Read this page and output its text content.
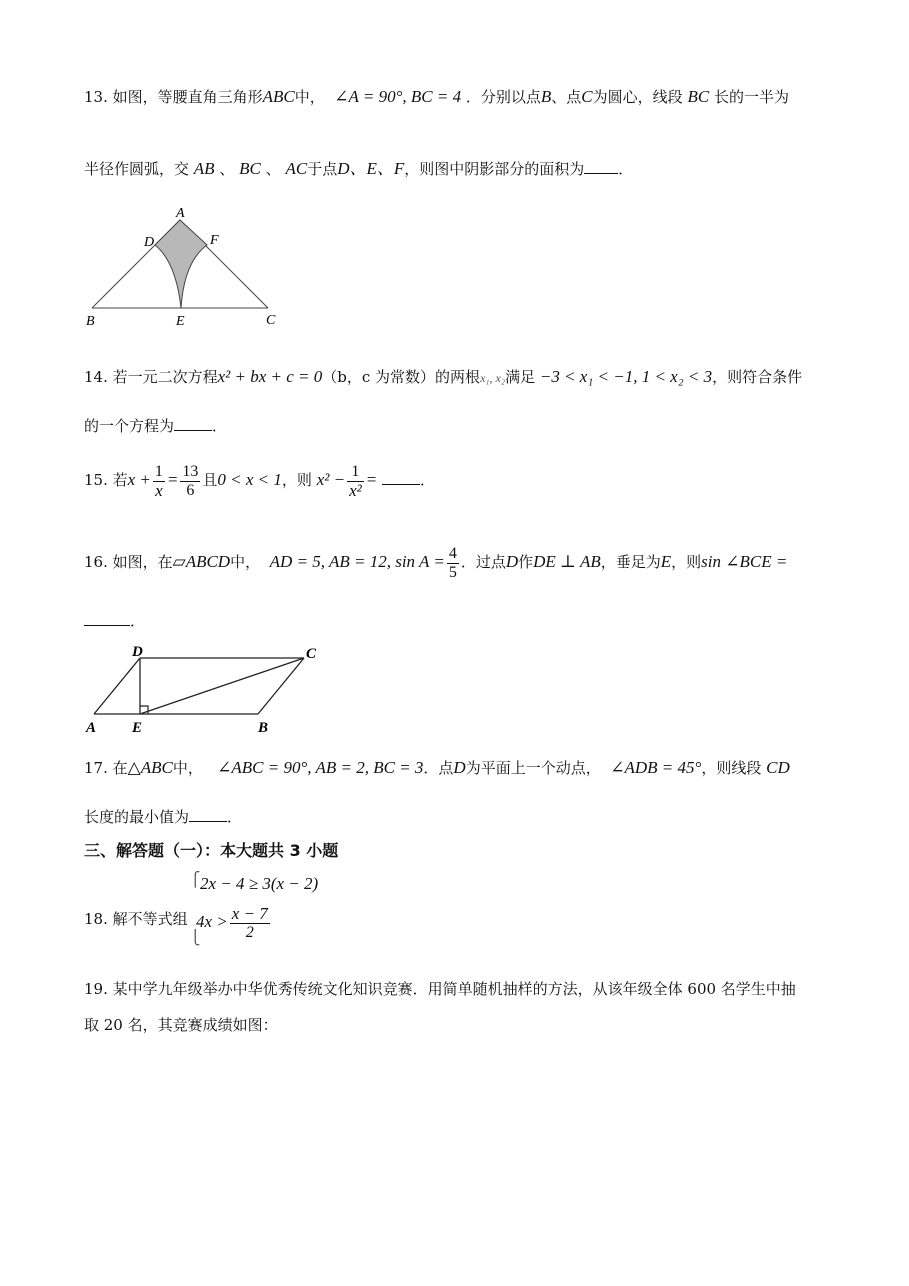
13. 如图，等腰直角三角形ABC中， ∠A = 90°, BC = 4 ．分别以点B、点C为圆心，线段 BC 长的一半为
半径作圆弧，交 AB 、 BC 、 AC于点D、E、F，则图中阴影部分的面积为 ．
A
D	F
B	E	C
14. 若一元二次方程x² + bx + c = 0（b，c 为常数）的两根x₁, x₂满足 −3 < x₁ < −1, 1 < x₂ < 3，则符合条件
的一个方程为	．
15. 若$x + \frac{1}{x} = \frac{13}{6}$ 且0 < x < 1，则 $x^2 - \frac{1}{\text{x²}}$ =	．
16. 如图，在▱ABCD中， AD = 5, AB = 12, $\sin A = \frac{4}{5}$ ．过点D作DE ⊥ AB，垂足为E，则sin ∠BCE =
．
D	C
A E	B
17. 在△ABC中， ∠ABC = 90°, AB = 2, BC = 3．点D为平面上一个动点， ∠ADB = 45°，则线段 CD
长度的最小值为	．
三、解答题（一）：本大题共 3 小题
18. 解不等式组
⎧
⎩
2x − 4 ≥ 3(x − 2)
$4x > \frac{x - 7}{2}$
19. 某中学九年级举办中华优秀传统文化知识竞赛．用简单随机抽样的方法，从该年级全体 600 名学生中抽
取 20 名，其竞赛成绩如图：
